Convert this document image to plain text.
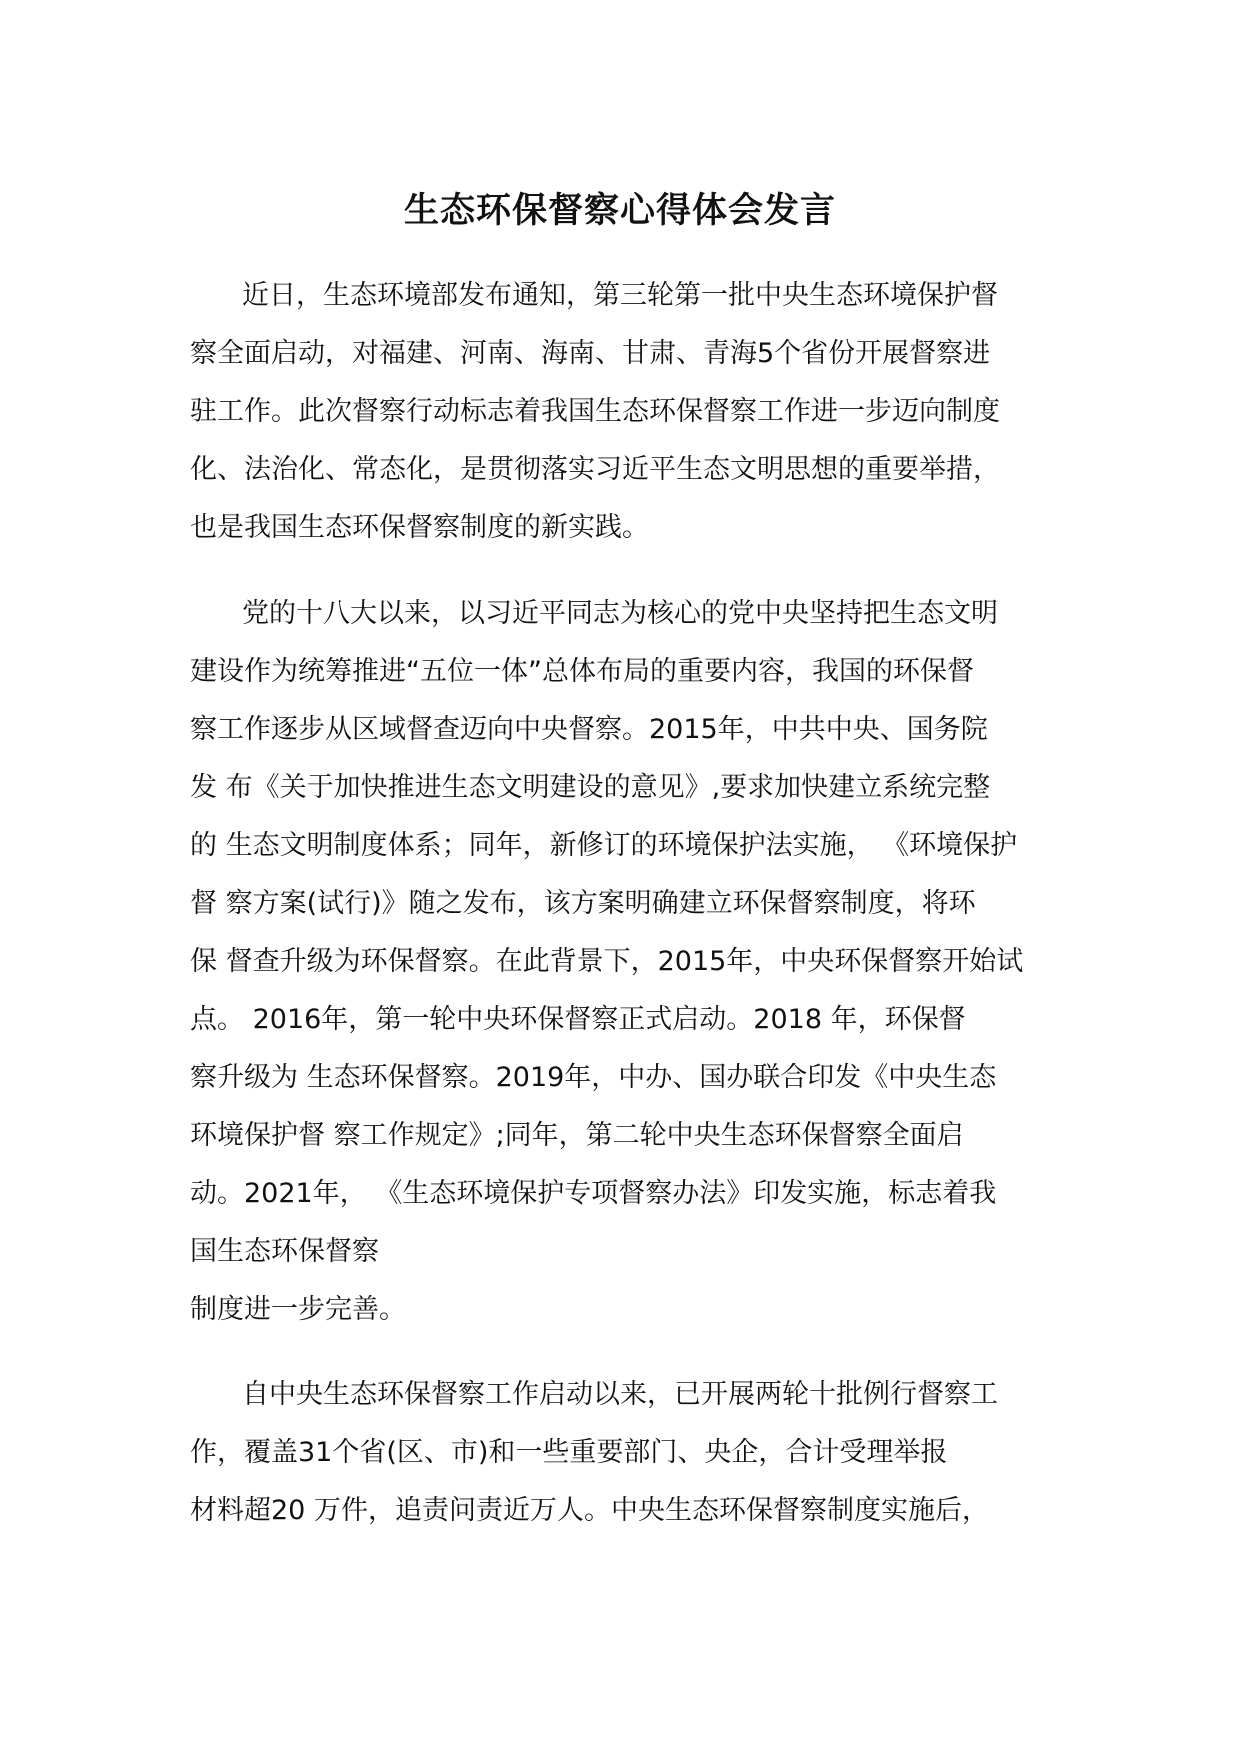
生态环保督察心得体会发言
近日，生态环境部发布通知，第三轮第一批中央生态环境保护督
察全面启动，对福建、河南、海南、甘肃、青海5个省份开展督察进
驻工作。此次督察行动标志着我国生态环保督察工作进一步迈向制度
化、法治化、常态化，是贯彻落实习近平生态文明思想的重要举措，
也是我国生态环保督察制度的新实践。
党的十八大以来，以习近平同志为核心的党中央坚持把生态文明
建设作为统筹推进“五位一体”总体布局的重要内容，我国的环保督
察工作逐步从区域督查迈向中央督察。2015年，中共中央、国务院
发 布《关于加快推进生态文明建设的意见》,要求加快建立系统完整
的 生态文明制度体系；同年，新修订的环境保护法实施， 《环境保护
督 察方案(试行)》随之发布，该方案明确建立环保督察制度，将环
保 督查升级为环保督察。在此背景下，2015年，中央环保督察开始试
点。 2016年，第一轮中央环保督察正式启动。2018 年，环保督
察升级为 生态环保督察。2019年，中办、国办联合印发《中央生态
环境保护督 察工作规定》;同年，第二轮中央生态环保督察全面启
动。2021年， 《生态环境保护专项督察办法》印发实施，标志着我
国生态环保督察
制度进一步完善。
自中央生态环保督察工作启动以来，已开展两轮十批例行督察工
作，覆盖31个省(区、市)和一些重要部门、央企，合计受理举报
材料超20 万件，追责问责近万人。中央生态环保督察制度实施后，
